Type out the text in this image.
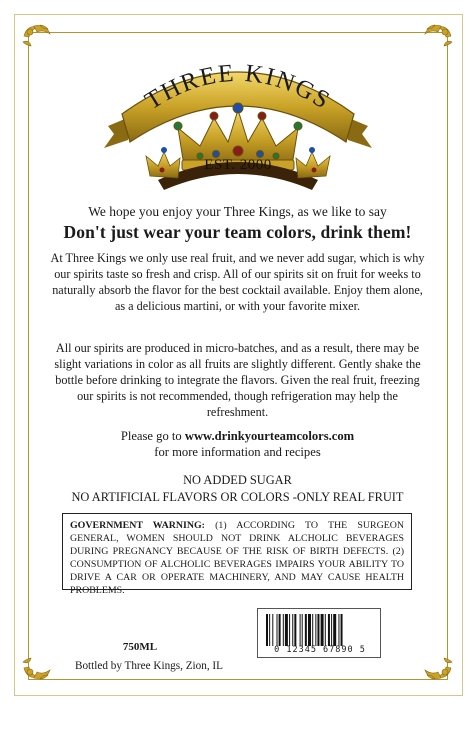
THREE KINGS
EST. 2000
We hope you enjoy your Three Kings, as we like to say
Don't just wear your team colors, drink them!
At Three Kings we only use real fruit, and we never add sugar, which is why our spirits taste so fresh and crisp. All of our spirits sit on fruit for weeks to naturally absorb the flavor for the best cocktail available. Enjoy them alone, as a delicious martini, or with your favorite mixer.
All our spirits are produced in micro-batches, and as a result, there may be slight variations in color as all fruits are slightly different. Gently shake the bottle before drinking to integrate the flavors. Given the real fruit, freezing our spirits is not recommended, though refrigeration may help the refreshment.
Please go to www.drinkyourteamcolors.com
for more information and recipes
NO ADDED SUGAR
NO ARTIFICIAL FLAVORS OR COLORS -ONLY REAL FRUIT
GOVERNMENT WARNING: (1) ACCORDING TO THE SURGEON GENERAL, WOMEN SHOULD NOT DRINK ALCHOLIC BEVERAGES DURING PREGNANCY BECAUSE OF THE RISK OF BIRTH DEFECTS. (2) CONSUMPTION OF ALCHOLIC BEVERAGES IMPAIRS YOUR ABILITY TO DRIVE A CAR OR OPERATE MACHINERY, AND MAY CAUSE HEALTH PROBLEMS.
0 12345 67890 5
750ML
Bottled by Three Kings, Zion, IL
